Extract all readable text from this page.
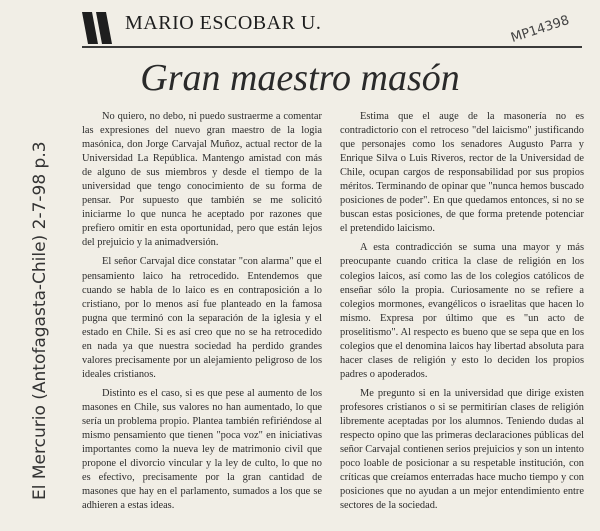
El Mercurio (Antofagasta-Chile) 2-7-98 p.3
MARIO ESCOBAR U.	MP14398
Gran maestro masón

No quiero, no debo, ni puedo sustraerme a comentar las expresiones del nuevo gran maestro de la logia masónica, don Jorge Carvajal Muñoz, actual rector de la Universidad La República. Mantengo amistad con más de alguno de sus miembros y desde el tiempo de la universidad que tengo conocimiento de su forma de pensar. Por supuesto que también se me solicitó iniciarme lo que nunca he aceptado por razones que prefiero omitir en esta oportunidad, pero que están lejos del prejuicio y la animadversión.

El señor Carvajal dice constatar "con alarma" que el pensamiento laico ha retrocedido. Entendemos que cuando se habla de lo laico es en contraposición a lo cristiano, por lo menos así fue planteado en la famosa pugna que terminó con la separación de la iglesia y el estado en Chile. Si es así creo que no se ha retrocedido en nada ya que nuestra sociedad ha perdido grandes valores precisamente por un alejamiento peligroso de los ideales cristianos.

Distinto es el caso, si es que pese al aumento de los masones en Chile, sus valores no han aumentado, lo que sería un problema propio. Plantea también refiriéndose al mismo pensamiento que tienen "poca voz" en iniciativas importantes como la nueva ley de matrimonio civil que propone el divorcio vincular y la ley de culto, lo que no es efectivo, precisamente por la gran cantidad de masones que hay en el parlamento, sumados a los que se adhieren a estas ideas.

Estima que el auge de la masonería no es contradictorio con el retroceso "del laicismo" justificando que personajes como los senadores Augusto Parra y Enrique Silva o Luis Riveros, rector de la Universidad de Chile, ocupan cargos de responsabilidad por sus propios méritos. Terminando de opinar que "nunca hemos buscado posiciones de poder". En que quedamos entonces, si no se buscan estas posiciones, de que forma pretende potenciar el pretendido laicismo.

A esta contradicción se suma una mayor y más preocupante cuando critica la clase de religión en los colegios laicos, así como las de los colegios católicos de enseñar sólo la propia. Curiosamente no se refiere a colegios mormones, evangélicos o israelitas que hacen lo mismo. Expresa por último que es "un acto de proselitismo". Al respecto es bueno que se sepa que en los colegios que el denomina laicos hay libertad absoluta para hacer clases de religión y esto lo deciden los propios padres o apoderados.

Me pregunto si en la universidad que dirige existen profesores cristianos o si se permitirían clases de religión libremente aceptadas por los alumnos. Teniendo dudas al respecto opino que las primeras declaraciones públicas del señor Carvajal contienen serios prejuicios y son un intento poco loable de posicionar a su respetable institución, con críticas que creíamos enterradas hace mucho tiempo y con posiciones que no ayudan a un mejor entendimiento entre sectores de la sociedad.
